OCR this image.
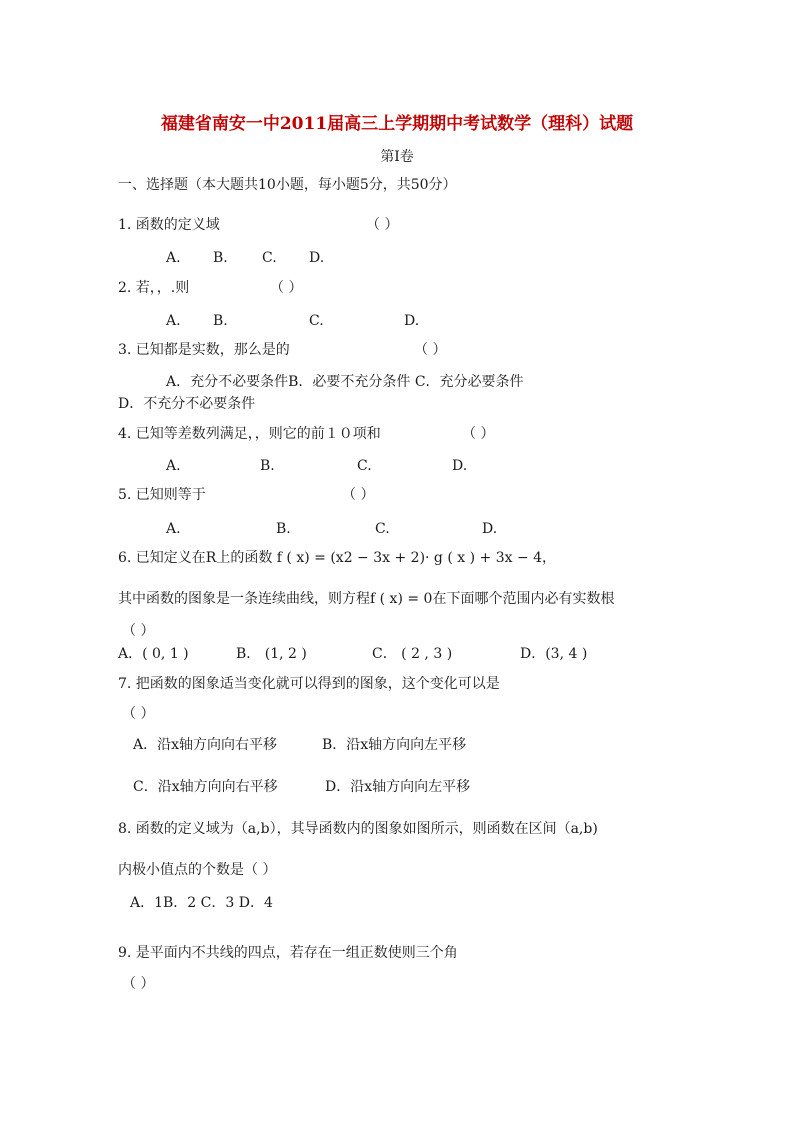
福建省南安一中2011届高三上学期期中考试数学（理科）试题
第Ⅰ卷
一、选择题（本大题共10小题，每小题5分，共50分）
1. 函数的定义域	（ ）
A. B. C. D.
2. 若，，.则	（ ）
A. B.	C.	D.
3. 已知都是实数，那么是的	（ ）
A．充分不必要条件B．必要不充分条件 C．充分必要条件
D．不充分不必要条件
4. 已知等差数列满足，，则它的前１０项和	（ ）
A.	B.	C.	D.
5. 已知则等于	（ ）
A.	B.	C.	D.
6. 已知定义在R上的函数 f ( x) = (x2 − 3x + 2)· g ( x ) + 3x − 4，
其中函数的图象是一条连续曲线，则方程f ( x) = 0在下面哪个范围内必有实数根
（ ）
A．( 0, 1 )	B． (1, 2 )	C． ( 2 , 3 )	D．(3, 4 )
7. 把函数的图象适当变化就可以得到的图象，这个变化可以是
（ ）
A．沿x轴方向向右平移	B．沿x轴方向向左平移
C．沿x轴方向向右平移	D．沿x轴方向向左平移
8. 函数的定义域为（a,b），其导函数内的图象如图所示，则函数在区间（a,b)
内极小值点的个数是（ ）
A．1B．2 C．3 D．4
9. 是平面内不共线的四点，若存在一组正数使则三个角
（ ）
